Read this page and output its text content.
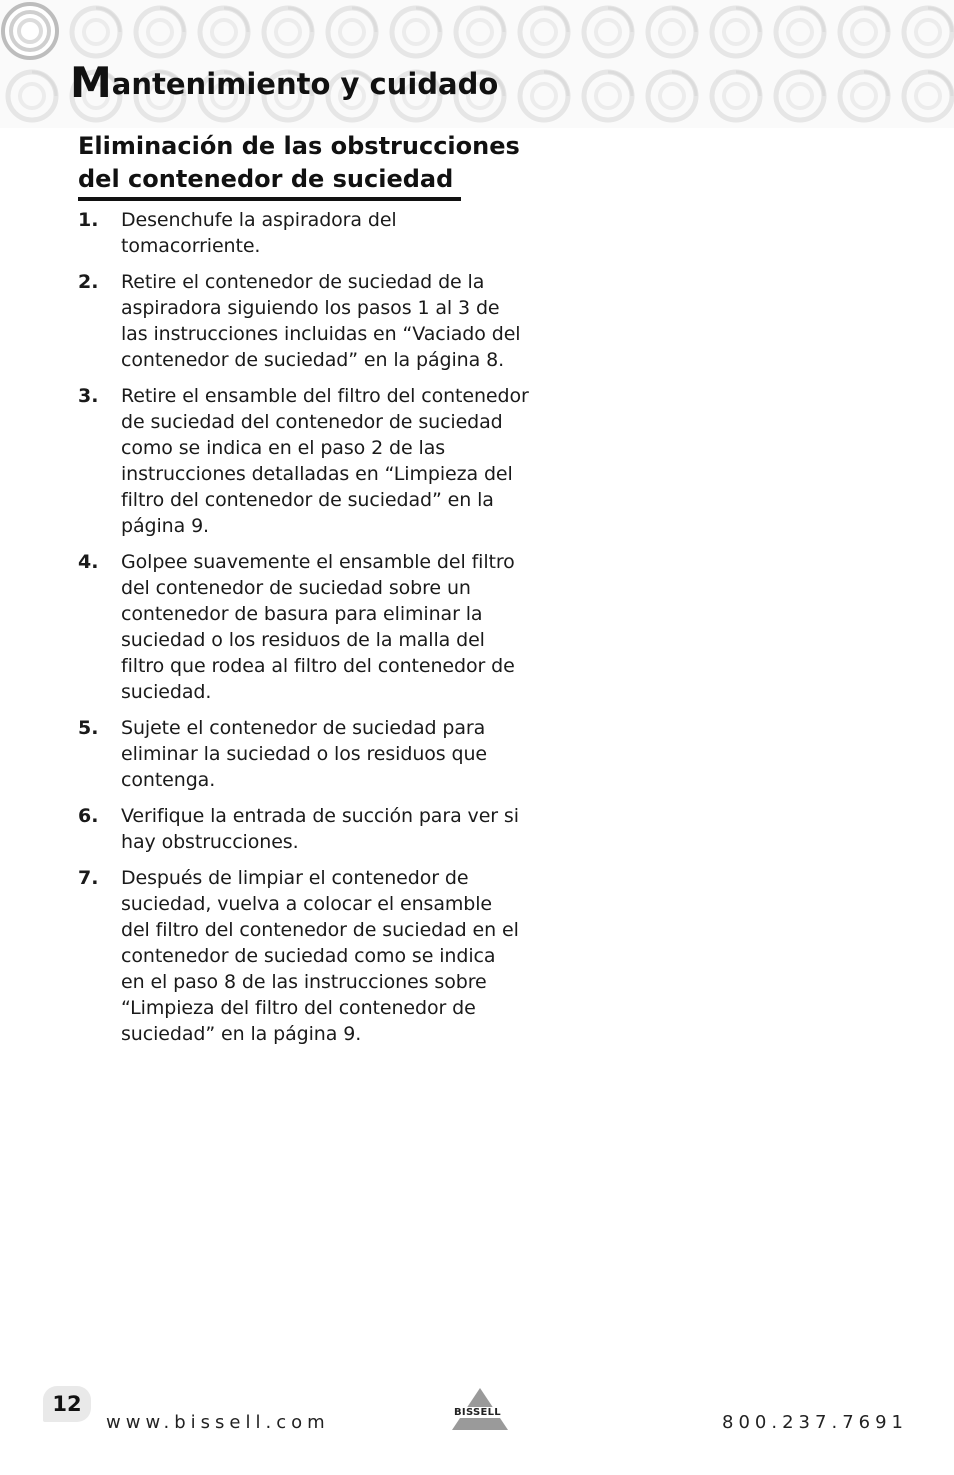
Mantenimiento y cuidado
Eliminación de las obstrucciones del contenedor de suciedad
1.	Desenchufe la aspiradora del
tomacorriente.
2.	Retire el contenedor de suciedad de la
aspiradora siguiendo los pasos 1 al 3 de
las instrucciones incluidas en “Vaciado del
contenedor de suciedad” en la página 8.
3.	Retire el ensamble del filtro del contenedor
de suciedad del contenedor de suciedad
como se indica en el paso 2 de las
instrucciones detalladas en “Limpieza del
filtro del contenedor de suciedad” en la
página 9.
4.	Golpee suavemente el ensamble del filtro
del contenedor de suciedad sobre un
contenedor de basura para eliminar la
suciedad o los residuos de la malla del
filtro que rodea al filtro del contenedor de
suciedad.
5.	Sujete el contenedor de suciedad para
eliminar la suciedad o los residuos que
contenga.
6.	Verifique la entrada de succión para ver si
hay obstrucciones.
7.	Después de limpiar el contenedor de
suciedad, vuelva a colocar el ensamble
del filtro del contenedor de suciedad en el
contenedor de suciedad como se indica
en el paso 8 de las instrucciones sobre
“Limpieza del filtro del contenedor de
suciedad” en la página 9.
12
www.bissell.com	BISSELL	800.237.7691
